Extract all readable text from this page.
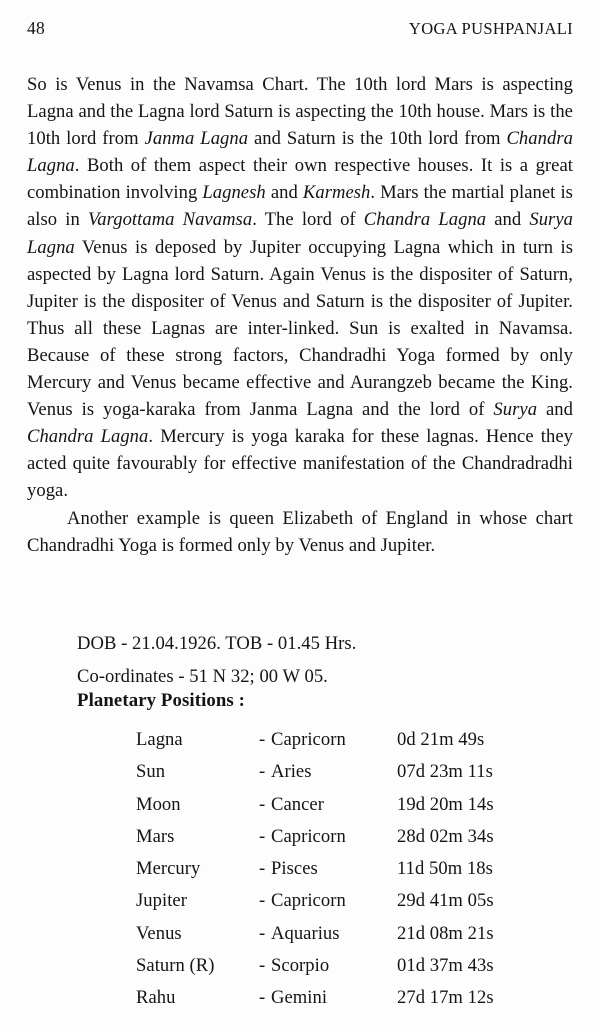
48	YOGA PUSHPANJALI

So is Venus in the Navamsa Chart. The 10th lord Mars is aspecting Lagna and the Lagna lord Saturn is aspecting the 10th house. Mars is the 10th lord from Janma Lagna and Saturn is the 10th lord from Chandra Lagna. Both of them aspect their own respective houses. It is a great combination involving Lagnesh and Karmesh. Mars the martial planet is also in Vargottama Navamsa. The lord of Chandra Lagna and Surya Lagna Venus is deposed by Jupiter occupying Lagna which in turn is aspected by Lagna lord Saturn. Again Venus is the dispositer of Saturn, Jupiter is the dispositer of Venus and Saturn is the dispositer of Jupiter. Thus all these Lagnas are inter-linked. Sun is exalted in Navamsa. Because of these strong factors, Chandradhi Yoga formed by only Mercury and Venus became effective and Aurangzeb became the King. Venus is yoga-karaka from Janma Lagna and the lord of Surya and Chandra Lagna. Mercury is yoga karaka for these lagnas. Hence they acted quite favourably for effective manifestation of the Chandradradhi yoga.

Another example is queen Elizabeth of England in whose chart Chandradhi Yoga is formed only by Venus and Jupiter.

DOB - 21.04.1926. TOB - 01.45 Hrs.
Co-ordinates - 51 N 32; 00 W 05.
Planetary Positions :
Lagna	- Capricorn	0d 21m 49s
Sun	- Aries	07d 23m 11s
Moon	- Cancer	19d 20m 14s
Mars	- Capricorn	28d 02m 34s
Mercury	- Pisces	11d 50m 18s
Jupiter	- Capricorn	29d 41m 05s
Venus	- Aquarius	21d 08m 21s
Saturn (R)	- Scorpio	01d 37m 43s
Rahu	- Gemini	27d 17m 12s
